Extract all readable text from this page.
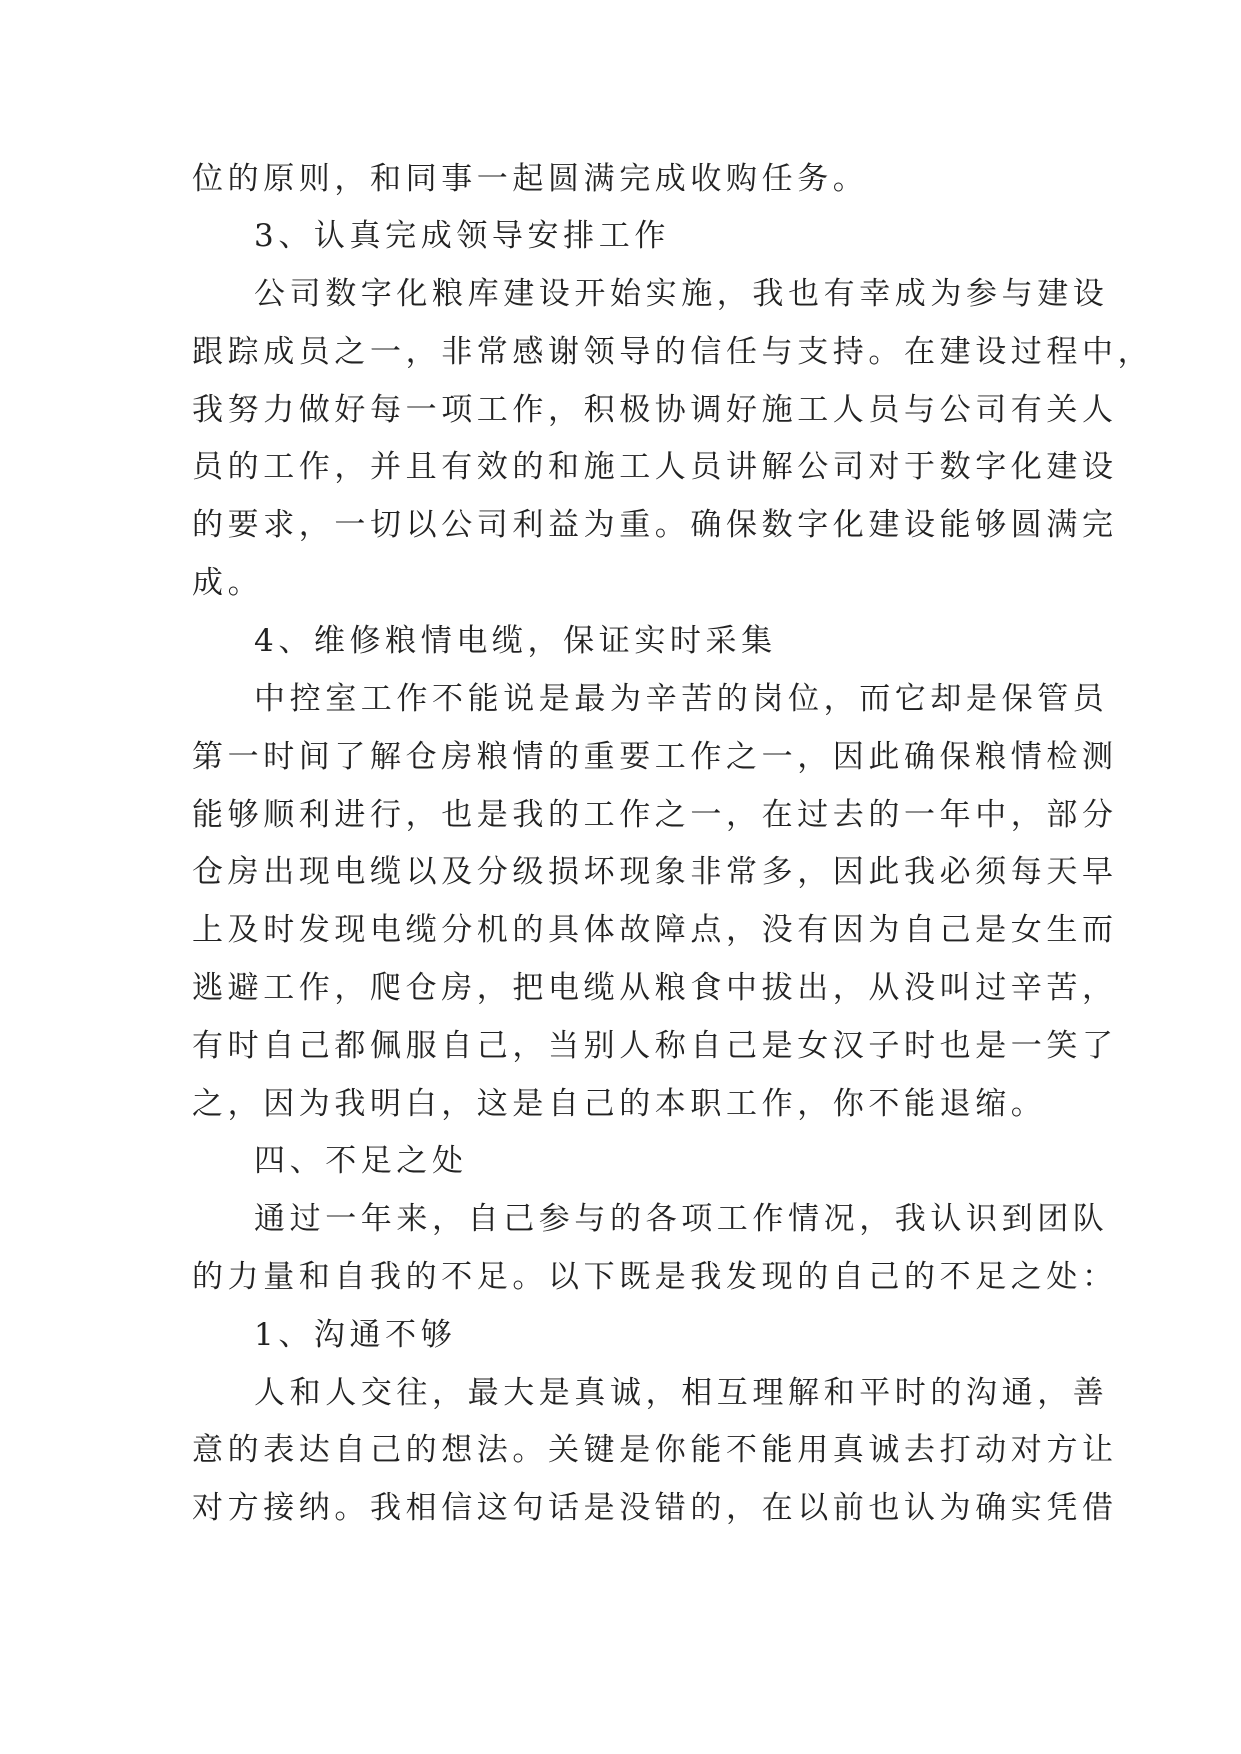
位的原则，和同事一起圆满完成收购任务。
3、认真完成领导安排工作
公司数字化粮库建设开始实施，我也有幸成为参与建设
跟踪成员之一，非常感谢领导的信任与支持。在建设过程中，
我努力做好每一项工作，积极协调好施工人员与公司有关人
员的工作，并且有效的和施工人员讲解公司对于数字化建设
的要求，一切以公司利益为重。确保数字化建设能够圆满完
成。
4、维修粮情电缆，保证实时采集
中控室工作不能说是最为辛苦的岗位，而它却是保管员
第一时间了解仓房粮情的重要工作之一，因此确保粮情检测
能够顺利进行，也是我的工作之一，在过去的一年中，部分
仓房出现电缆以及分级损坏现象非常多，因此我必须每天早
上及时发现电缆分机的具体故障点，没有因为自己是女生而
逃避工作，爬仓房，把电缆从粮食中拔出，从没叫过辛苦，
有时自己都佩服自己，当别人称自己是女汉子时也是一笑了
之，因为我明白，这是自己的本职工作，你不能退缩。
四、不足之处
通过一年来，自己参与的各项工作情况，我认识到团队
的力量和自我的不足。以下既是我发现的自己的不足之处：
1、沟通不够
人和人交往，最大是真诚，相互理解和平时的沟通，善
意的表达自己的想法。关键是你能不能用真诚去打动对方让
对方接纳。我相信这句话是没错的，在以前也认为确实凭借
